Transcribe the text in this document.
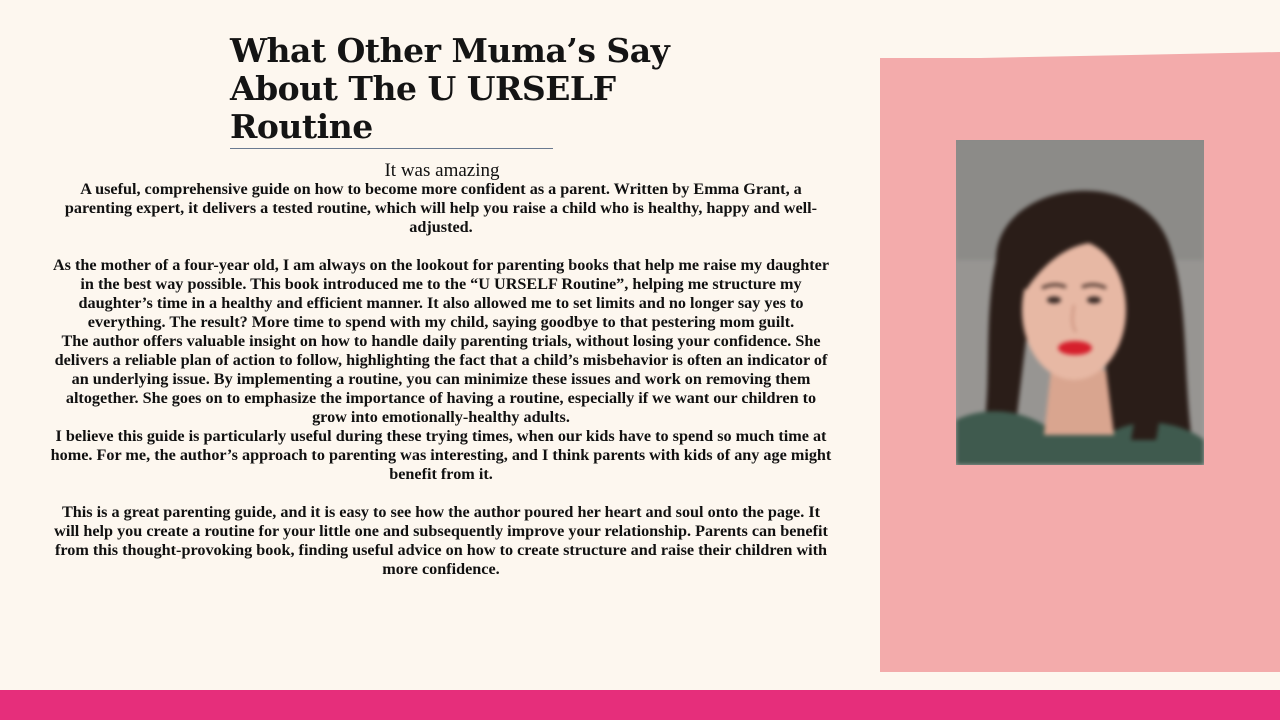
What Other Muma’s Say
About The U URSELF
Routine
It was amazing

A useful, comprehensive guide on how to become more confident as a parent. Written by Emma Grant, a parenting expert, it delivers a tested routine, which will help you raise a child who is healthy, happy and well-adjusted.

As the mother of a four-year old, I am always on the lookout for parenting books that help me raise my daughter in the best way possible. This book introduced me to the “U URSELF Routine”, helping me structure my daughter’s time in a healthy and efficient manner. It also allowed me to set limits and no longer say yes to everything. The result? More time to spend with my child, saying goodbye to that pestering mom guilt.

The author offers valuable insight on how to handle daily parenting trials, without losing your confidence. She delivers a reliable plan of action to follow, highlighting the fact that a child’s misbehavior is often an indicator of an underlying issue. By implementing a routine, you can minimize these issues and work on removing them altogether. She goes on to emphasize the importance of having a routine, especially if we want our children to grow into emotionally-healthy adults.

I believe this guide is particularly useful during these trying times, when our kids have to spend so much time at home. For me, the author’s approach to parenting was interesting, and I think parents with kids of any age might benefit from it.

This is a great parenting guide, and it is easy to see how the author poured her heart and soul onto the page. It will help you create a routine for your little one and subsequently improve your relationship. Parents can benefit from this thought-provoking book, finding useful advice on how to create structure and raise their children with more confidence.
